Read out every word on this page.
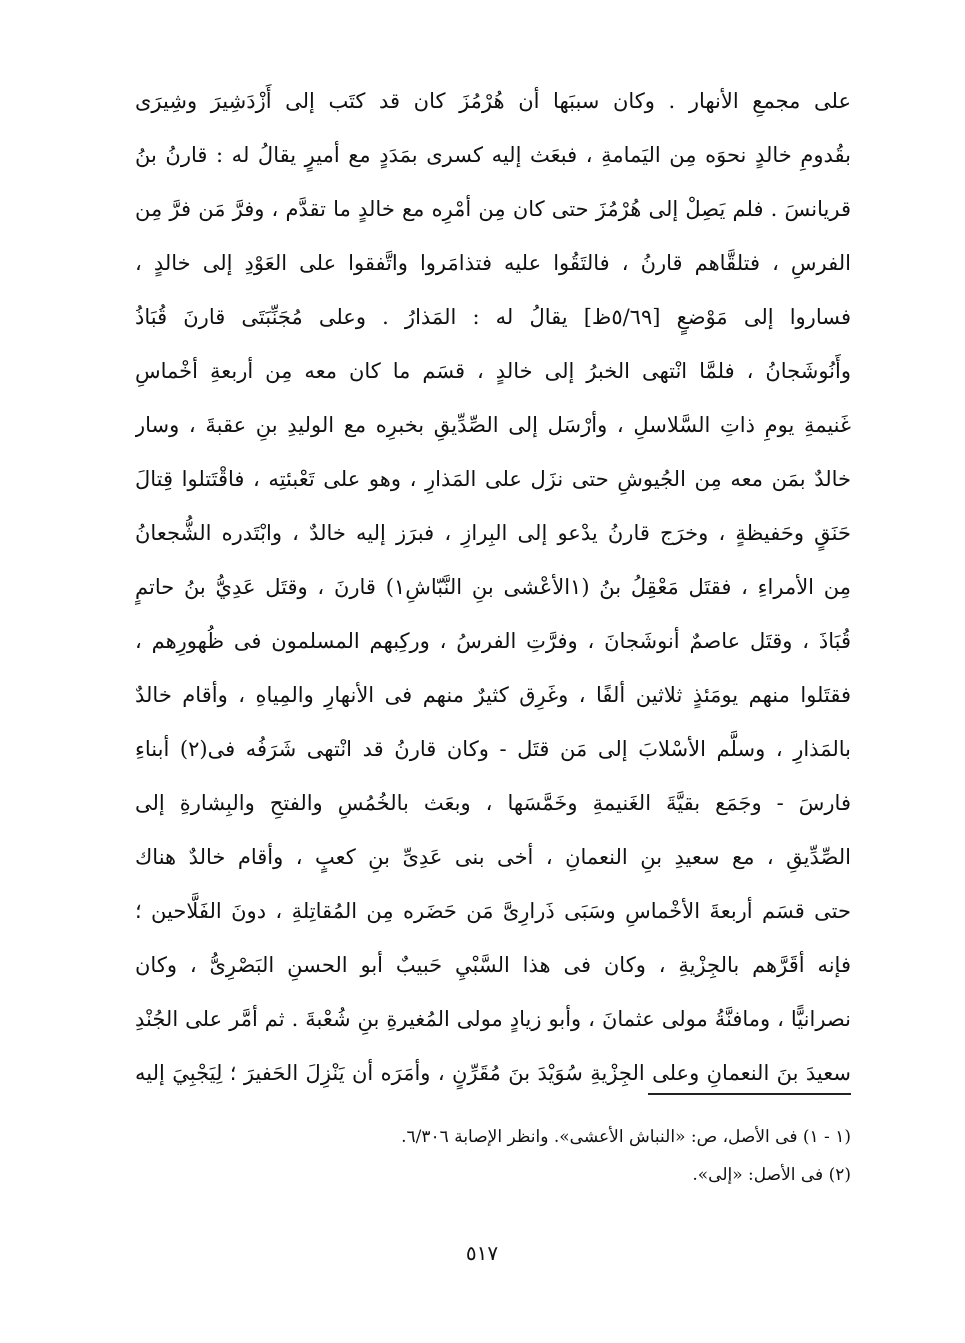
على مجمعِ الأنهار . وكان سببَها أن هُرْمُزَ كان قد كتَب إلى أَزْدَشِيرَ وشِيرَى
بقُدومِ خالدٍ نحوَه مِن اليَمامةِ ، فبعَث إليه كسرى بمَدَدٍ مع أميرٍ يقالُ له : قارنُ بنُ
قريانسَ . فلم يَصِلْ إلى هُرْمُزَ حتى كان مِن أمْرِه مع خالدٍ ما تقدَّم ، وفرَّ مَن فرَّ مِن
الفرسِ ، فتلقَّاهم قارنُ ، فالتَقُوا عليه فتذامَروا واتَّفقوا على العَوْدِ إلى خالدٍ ،
فساروا إلى مَوْضعٍ [٥/٦٩ظ] يقالُ له : المَذارُ . وعلى مُجَنِّبَتَى قارنَ قُبَاذُ
وأَنُوشَجانُ ، فلمَّا انْتهى الخبرُ إلى خالدٍ ، قسَم ما كان معه مِن أربعةِ أخْماسِ
غَنيمةِ يومِ ذاتِ السَّلاسلِ ، وأرْسَل إلى الصِّدِّيقِ بخبرِه مع الوليدِ بنِ عقبةَ ، وسار
خالدٌ بمَن معه مِن الجُيوشِ حتى نزَل على المَذارِ ، وهو على تَعْبئتِه ، فاقْتَتلوا قِتالَ
حَنَقٍ وحَفيظةٍ ، وخرَج قارنُ يدْعو إلى البِرازِ ، فبرَز إليه خالدٌ ، وابْتَدره الشُّجعانُ
مِن الأمراءِ ، فقتَل مَعْقِلُ بنُ (١الأعْشى بنِ النَّبّاشِ١) قارنَ ، وقتَل عَدِيُّ بنُ حاتمٍ
قُبَاذَ ، وقتَل عاصمٌ أنوشَجانَ ، وفرَّتِ الفرسُ ، وركِبهم المسلمون فى ظُهورِهم ،
فقتَلوا منهم يومَئذٍ ثلاثين ألفًا ، وغَرِق كثيرٌ منهم فى الأنهارِ والمِياهِ ، وأقام خالدٌ
بالمَذارِ ، وسلَّم الأسْلابَ إلى مَن قتَل - وكان قارنُ قد انْتهى شَرَفُه فى(٢) أبناءِ
فارسَ - وجَمَع بقيَّةَ الغَنيمةِ وخَمَّسَها ، وبعَث بالخُمُسِ والفتحِ والبِشارةِ إلى
الصِّدِّيقِ ، مع سعيدِ بنِ النعمانِ ، أخى بنى عَدِىِّ بنِ كعبٍ ، وأقام خالدٌ هناك
حتى قسَم أربعةَ الأخْماسِ وسَبَى ذَرارِىَّ مَن حَضَره مِن المُقاتِلةِ ، دونَ الفَلَّاحين ؛
فإنه أقَرَّهم بالجِزْيةِ ، وكان فى هذا السَّبْيِ حَبيبٌ أبو الحسنِ البَصْرِىُّ ، وكان
نصرانيًّا ، ومافنَّةُ مولى عثمانَ ، وأبو زيادٍ مولى المُغيرةِ بنِ شُعْبةَ . ثم أمَّر على الجُنْدِ
سعيدَ بنَ النعمانِ وعلى الجِزْيةِ سُوَيْدَ بنَ مُقَرِّنٍ ، وأمَرَه أن يَنْزِلَ الحَفيرَ ؛ لِيَجْبِيَ إليه
(١ - ١) فى الأصل، ص: «النباش الأعشى». وانظر الإصابة ٦/٣٠٦.
(٢) فى الأصل: «إلى».
٥١٧
